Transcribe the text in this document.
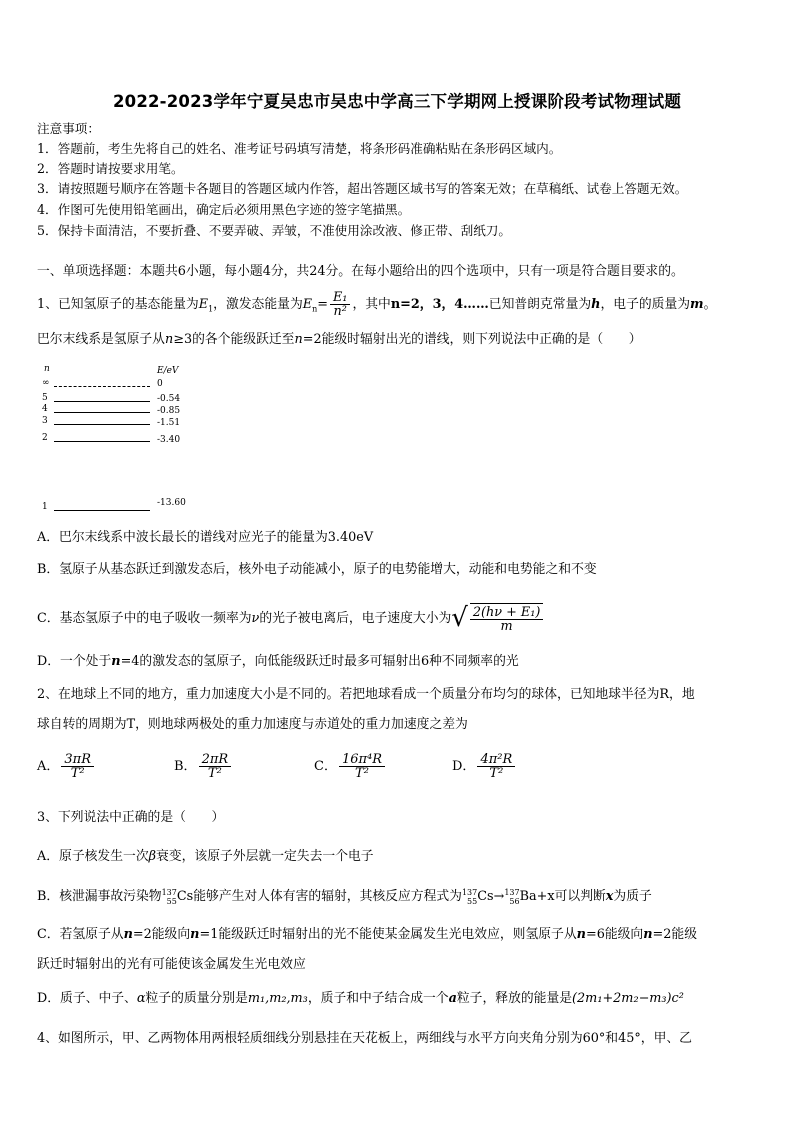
2022-2023学年宁夏吴忠市吴忠中学高三下学期网上授课阶段考试物理试题
注意事项：
1．答题前，考生先将自己的姓名、准考证号码填写清楚，将条形码准确粘贴在条形码区域内。
2．答题时请按要求用笔。
3．请按照题号顺序在答题卡各题目的答题区域内作答，超出答题区域书写的答案无效；在草稿纸、试卷上答题无效。
4．作图可先使用铅笔画出，确定后必须用黑色字迹的签字笔描黑。
5．保持卡面清洁，不要折叠、不要弄破、弄皱，不准使用涂改液、修正带、刮纸刀。
一、单项选择题：本题共6小题，每小题4分，共24分。在每小题给出的四个选项中，只有一项是符合题目要求的。
1、已知氢原子的基态能量为$E_1$，激发态能量为$E_n= \frac{\text{E₁}}{\text{n²}}$ ，其中n=2，3，4……已知普朗克常量为h，电子的质量为m。
巴尔末线系是氢原子从n≥3的各个能级跃迁至n=2能级时辐射出光的谱线，则下列说法中正确的是（　　）
n	E/eV
∞	0
5	-0.54
4	-0.85
3	-1.51
2	-3.40
1	-13.60
A．巴尔末线系中波长最长的谱线对应光子的能量为3.40eV
B．氢原子从基态跃迁到激发态后，核外电子动能减小，原子的电势能增大，动能和电势能之和不变
C．基态氢原子中的电子吸收一频率为ν的光子被电离后，电子速度大小为√ $\frac{\text{2(hν + E₁)}}{m}$
D．一个处于n=4的激发态的氢原子，向低能级跃迁时最多可辐射出6种不同频率的光
2、在地球上不同的地方，重力加速度大小是不同的。若把地球看成一个质量分布均匀的球体，已知地球半径为R，地
球自转的周期为T，则地球两极处的重力加速度与赤道处的重力加速度之差为
A． $\frac{3\pi R}{\text{T²}}$	B． $\frac{2\pi R}{\text{T²}}$	C． $\frac{\text{16π⁴R}}{\text{T²}}$	D． $\frac{\text{4π²R}}{\text{T²}}$
3、下列说法中正确的是（　　）
A．原子核发生一次β衰变，该原子外层就一定失去一个电子
B．核泄漏事故污染物 137
55 Cs能够产生对人体有害的辐射，其核反应方程式为 137
55 Cs→ 137
56 Ba+x可以判断x为质子
C．若氢原子从n=2能级向n=1能级跃迁时辐射出的光不能使某金属发生光电效应，则氢原子从n=6能级向n=2能级
跃迁时辐射出的光有可能使该金属发生光电效应
D．质子、中子、α粒子的质量分别是m₁,m₂,m₃，质子和中子结合成一个a粒子，释放的能量是(2m₁+2m₂−m₃)c²
4、如图所示，甲、乙两物体用两根轻质细线分别悬挂在天花板上，两细线与水平方向夹角分别为60°和45°，甲、乙
